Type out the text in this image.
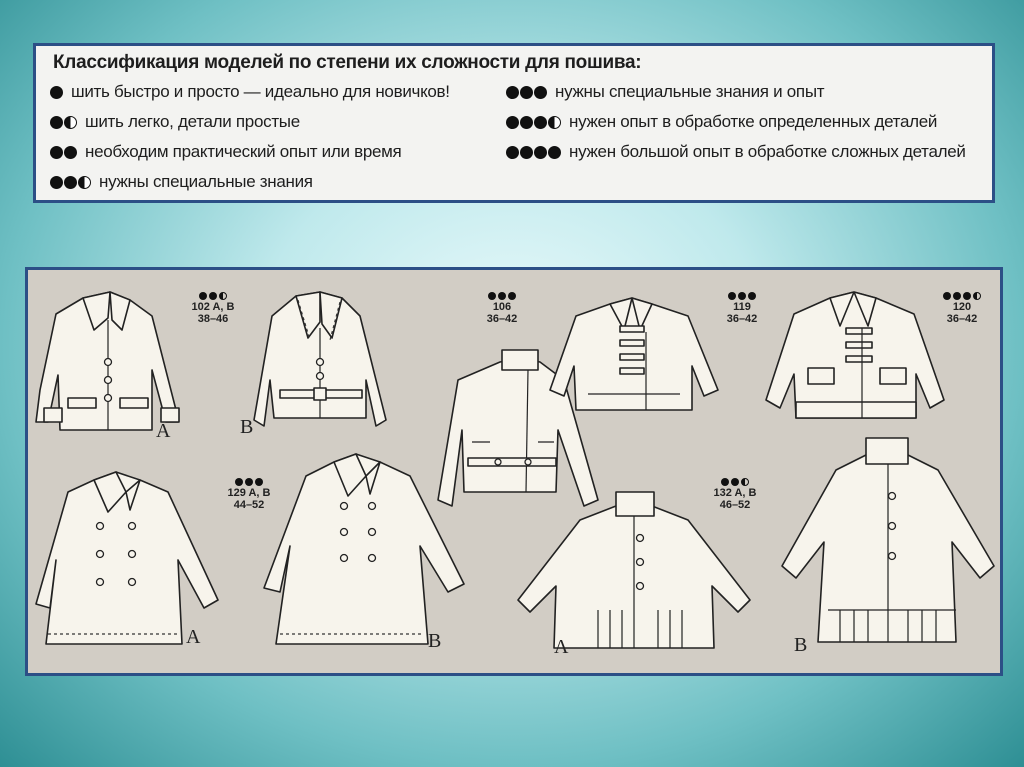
Классификация моделей по степени их сложности для пошива:
шить быстро и просто — идеально для новичков!
шить легко, детали простые
необходим практический опыт или время
нужны специальные знания
нужны специальные знания и опыт
нужен опыт в обработке определенных деталей
нужен большой опыт в обработке сложных деталей
102 A, B
38–46
106
36–42
119
36–42
120
36–42
129 A, B
44–52
132 A, B
46–52
A	B
A	B	A	B
